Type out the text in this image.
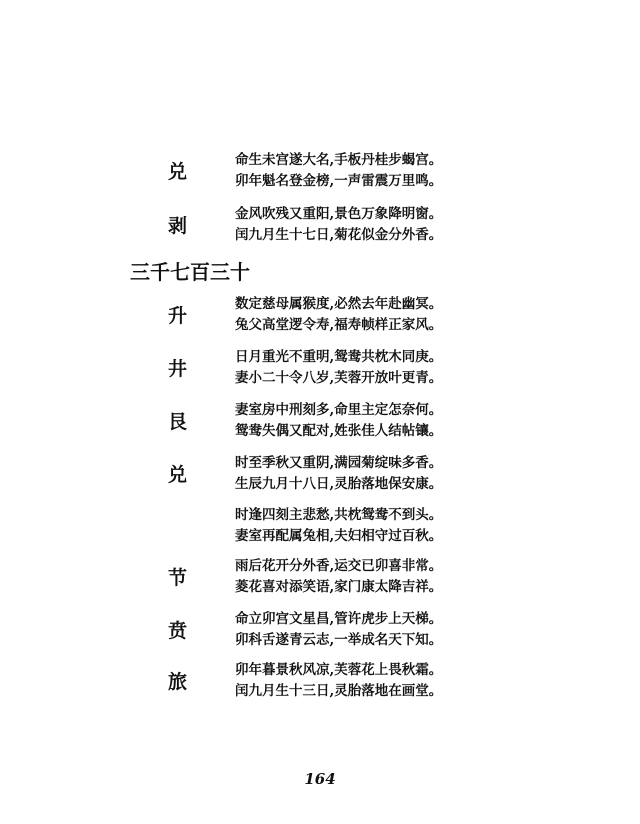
兑
命生未宫遂大名,手板丹桂步蝎宫。
卯年魁名登金榜,一声雷震万里鸣。
剥
金风吹残又重阳,景色万象降明窗。
闰九月生十七日,菊花似金分外香。
三千七百三十
升
数定慈母属猴度,必然去年赴幽冥。
兔父高堂逻令寿,福寿帧样正家风。
井
日月重光不重明,鸳鸯共枕木同庚。
妻小二十令八岁,芙蓉开放叶更青。
艮
妻室房中刑刻多,命里主定怎奈何。
鸳鸯失偶又配对,姓张佳人结帖镶。
兑
时至季秋又重阴,满园菊绽味多香。
生辰九月十八日,灵胎落地保安康。
时逢四刻主悲愁,共枕鸳鸯不到头。
妻室再配属兔相,夫妇相守过百秋。
节
雨后花开分外香,运交已卯喜非常。
菱花喜对添笑语,家门康太降吉祥。
贲
命立卯宫文星昌,管许虎步上天梯。
卯科舌遂青云志,一举成名天下知。
旅
卯年暮景秋风凉,芙蓉花上畏秋霜。
闰九月生十三日,灵胎落地在画堂。
164
